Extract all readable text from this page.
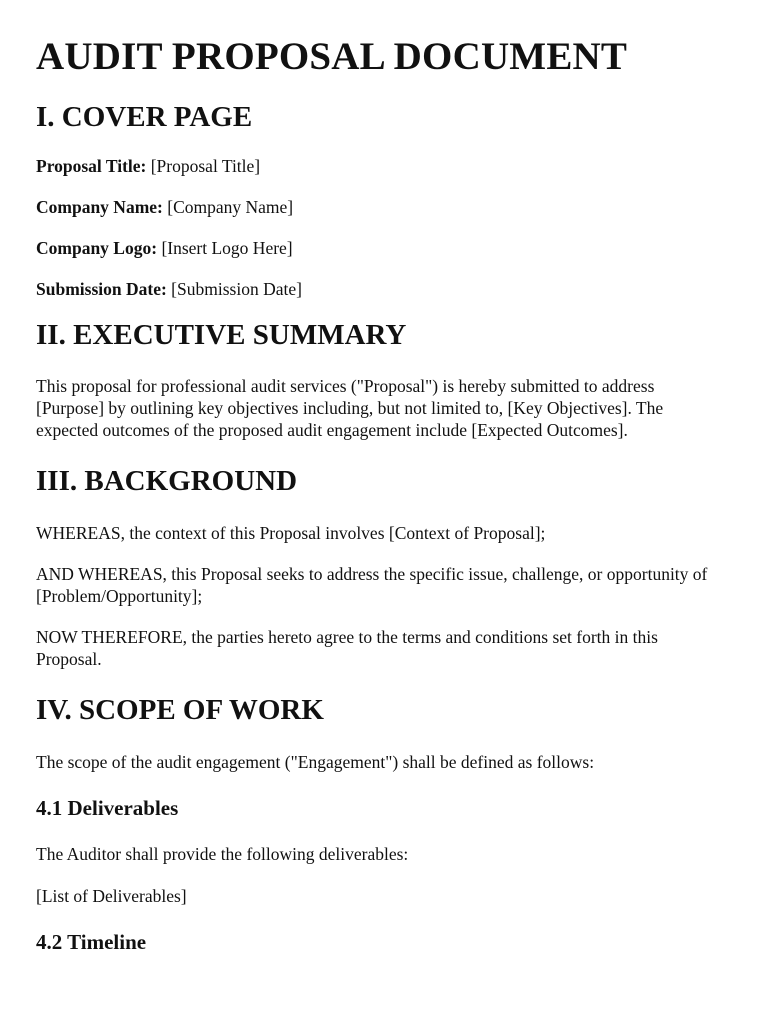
AUDIT PROPOSAL DOCUMENT
I. COVER PAGE

Proposal Title: [Proposal Title]

Company Name: [Company Name]

Company Logo: [Insert Logo Here]

Submission Date: [Submission Date]

II. EXECUTIVE SUMMARY

This proposal for professional audit services ("Proposal") is hereby submitted to address [Purpose] by outlining key objectives including, but not limited to, [Key Objectives]. The expected outcomes of the proposed audit engagement include [Expected Outcomes].

III. BACKGROUND

WHEREAS, the context of this Proposal involves [Context of Proposal];

AND WHEREAS, this Proposal seeks to address the specific issue, challenge, or opportunity of [Problem/Opportunity];

NOW THEREFORE, the parties hereto agree to the terms and conditions set forth in this Proposal.

IV. SCOPE OF WORK

The scope of the audit engagement ("Engagement") shall be defined as follows:

4.1 Deliverables

The Auditor shall provide the following deliverables:

[List of Deliverables]

4.2 Timeline
